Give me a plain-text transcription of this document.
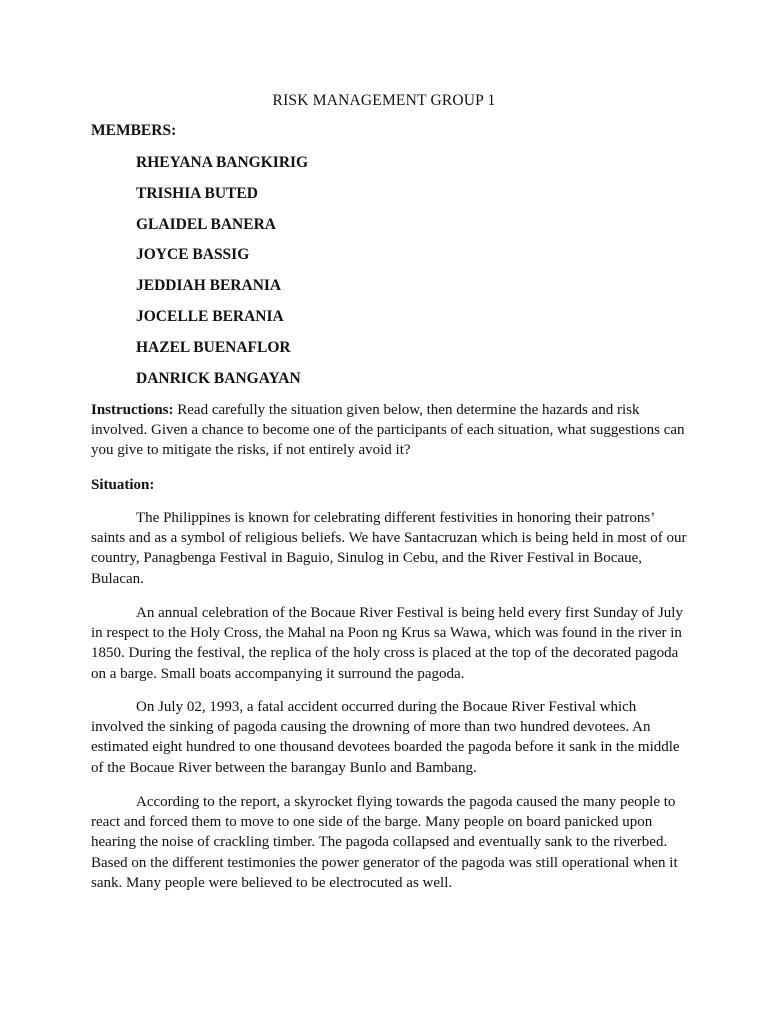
RISK MANAGEMENT GROUP 1
MEMBERS:
RHEYANA BANGKIRIG
TRISHIA BUTED
GLAIDEL BANERA
JOYCE BASSIG
JEDDIAH BERANIA
JOCELLE BERANIA
HAZEL BUENAFLOR
DANRICK BANGAYAN

Instructions: Read carefully the situation given below, then determine the hazards and risk involved. Given a chance to become one of the participants of each situation, what suggestions can you give to mitigate the risks, if not entirely avoid it?

Situation:

The Philippines is known for celebrating different festivities in honoring their patrons’ saints and as a symbol of religious beliefs. We have Santacruzan which is being held in most of our country, Panagbenga Festival in Baguio, Sinulog in Cebu, and the River Festival in Bocaue, Bulacan.

An annual celebration of the Bocaue River Festival is being held every first Sunday of July in respect to the Holy Cross, the Mahal na Poon ng Krus sa Wawa, which was found in the river in 1850. During the festival, the replica of the holy cross is placed at the top of the decorated pagoda on a barge. Small boats accompanying it surround the pagoda.

On July 02, 1993, a fatal accident occurred during the Bocaue River Festival which involved the sinking of pagoda causing the drowning of more than two hundred devotees. An estimated eight hundred to one thousand devotees boarded the pagoda before it sank in the middle of the Bocaue River between the barangay Bunlo and Bambang.

According to the report, a skyrocket flying towards the pagoda caused the many people to react and forced them to move to one side of the barge. Many people on board panicked upon hearing the noise of crackling timber. The pagoda collapsed and eventually sank to the riverbed. Based on the different testimonies the power generator of the pagoda was still operational when it sank. Many people were believed to be electrocuted as well.
